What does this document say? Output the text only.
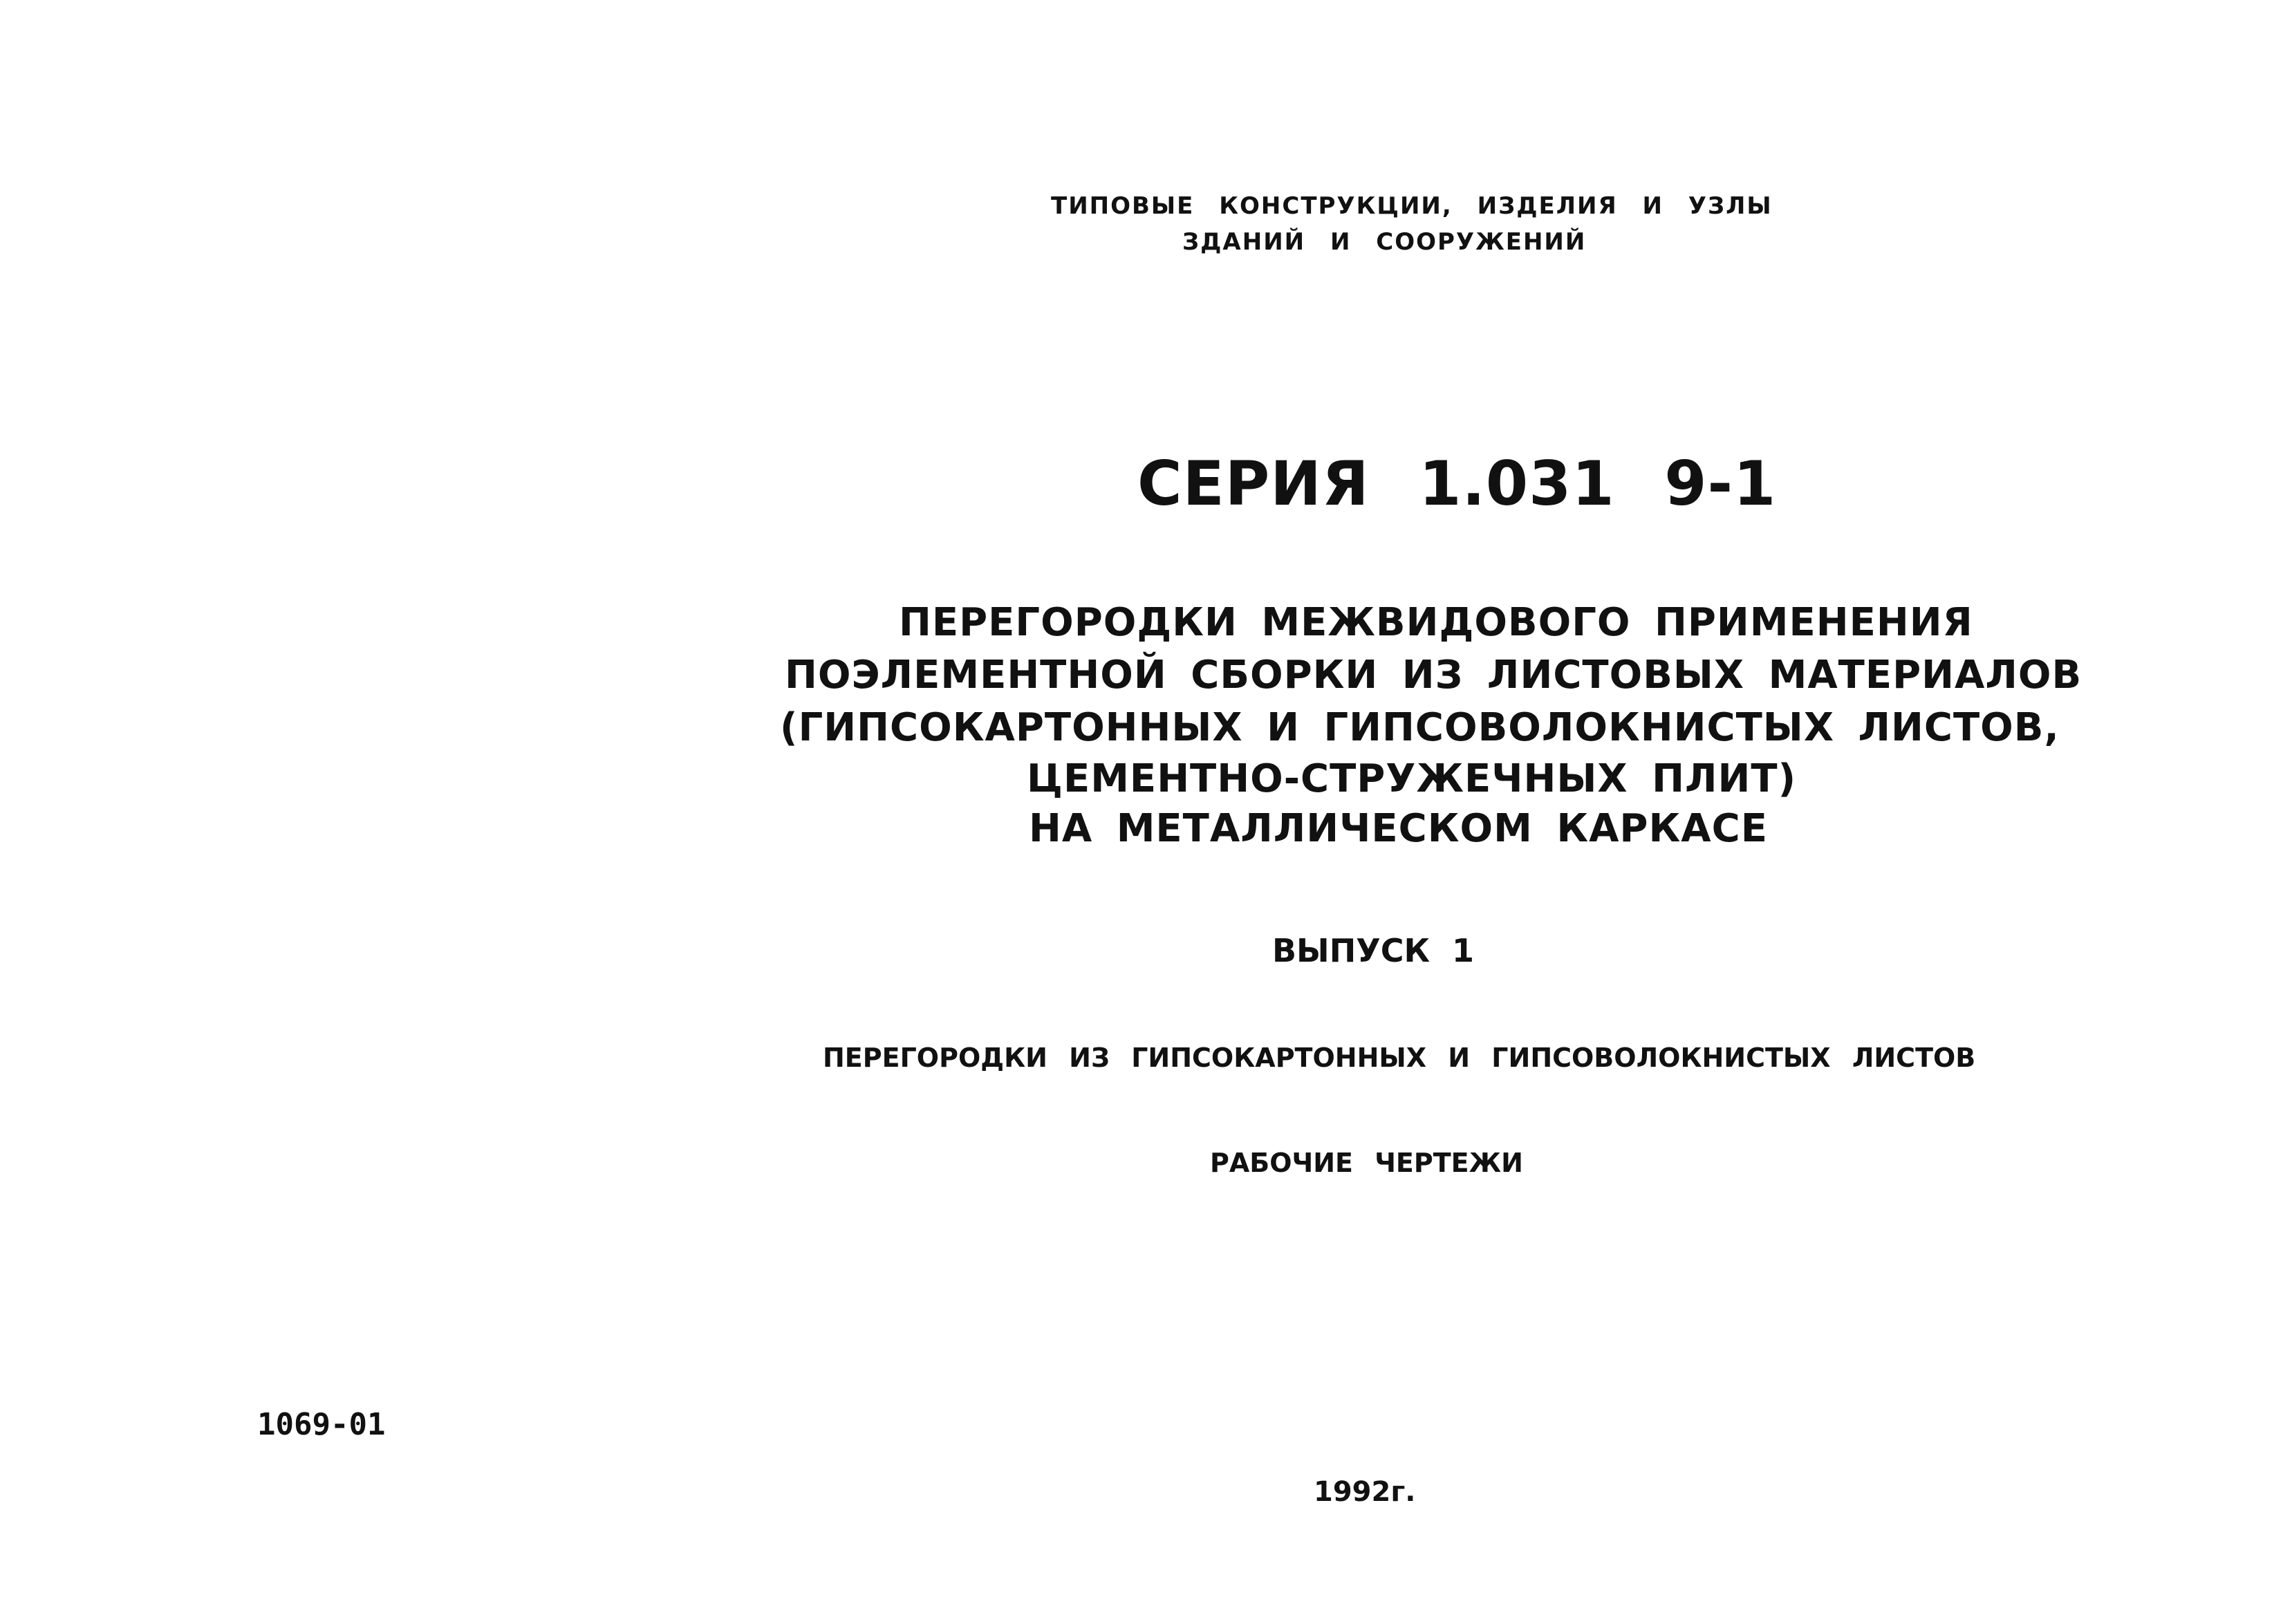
ТИПОВЫЕ КОНСТРУКЦИИ, ИЗДЕЛИЯ И УЗЛЫ
ЗДАНИЙ И СООРУЖЕНИЙ
СЕРИЯ 1.031 9-1
ПЕРЕГОРОДКИ МЕЖВИДОВОГО ПРИМЕНЕНИЯ
ПОЭЛЕМЕНТНОЙ СБОРКИ ИЗ ЛИСТОВЫХ МАТЕРИАЛОВ
(ГИПСОКАРТОННЫХ И ГИПСОВОЛОКНИСТЫХ ЛИСТОВ,
ЦЕМЕНТНО-СТРУЖЕЧНЫХ ПЛИТ)
НА МЕТАЛЛИЧЕСКОМ КАРКАСЕ
ВЫПУСК 1
ПЕРЕГОРОДКИ ИЗ ГИПСОКАРТОННЫХ И ГИПСОВОЛОКНИСТЫХ ЛИСТОВ
РАБОЧИЕ ЧЕРТЕЖИ
1069-01
1992г.
